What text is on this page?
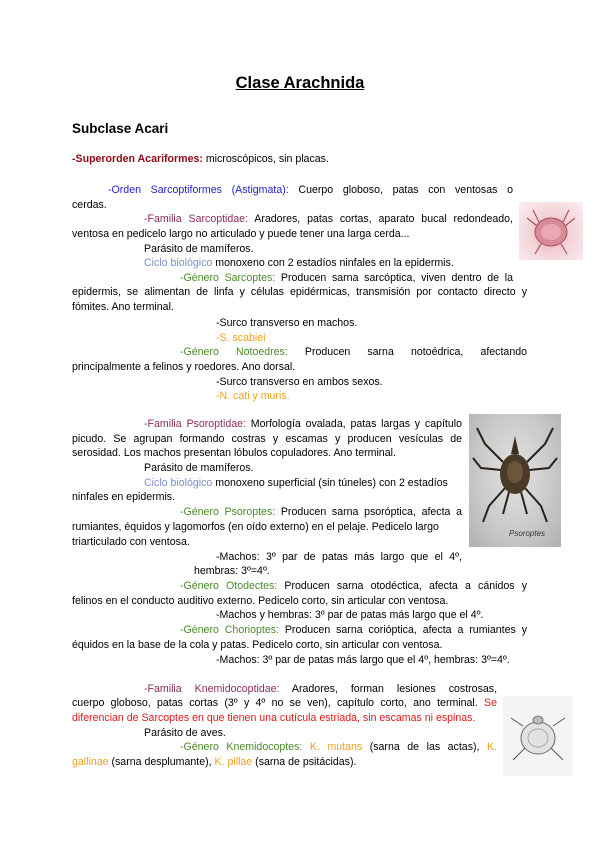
Clase Arachnida
Subclase Acari
-Superorden Acariformes: microscópicos, sin placas.
-Orden Sarcoptiformes (Astigmata): Cuerpo globoso, patas con ventosas o
cerdas.
-Familia Sarcoptidae: Aradores, patas cortas, aparato bucal redondeado,
ventosa en pedicelo largo no articulado y puede tener una larga cerda...
Parásito de mamíferos.
Ciclo biológico monoxeno con 2 estadíos ninfales en la epidermis.
-Género Sarcoptes: Producen sarna sarcóptica, viven dentro de la
epidermis, se alimentan de linfa y células epidérmicas, transmisión por contacto directo y
fómites. Ano terminal.
-Surco transverso en machos.
-S. scabiei
-Género Notoedres: Producen sarna notoédrica, afectando
principalmente a felinos y roedores. Ano dorsal.
-Surco transverso en ambos sexos.
-N. cati y muris.
-Familia Psoroptidae: Morfología ovalada, patas largas y capítulo
picudo. Se agrupan formando costras y escamas y producen vesículas de
serosidad. Los machos presentan lóbulos copuladores. Ano terminal.
Parásito de mamíferos.
Ciclo biológico monoxeno superficial (sin túneles) con 2 estadíos
ninfales en epidermis.
-Género Psoroptes: Producen sarna psoróptica, afecta a
rumiantes, équidos y lagomorfos (en oído externo) en el pelaje. Pedicelo largo
triarticulado con ventosa.
-Machos: 3º par de patas más largo que el 4º,
hembras: 3º=4º.
-Género Otodectes: Producen sarna otodéctica, afecta a cánidos y
felinos en el conducto auditivo externo. Pedicelo corto, sin articular con ventosa.
-Machos y hembras: 3º par de patas más largo que el 4º.
-Género Chorioptes: Producen sarna corióptica, afecta a rumiantes y
équidos en la base de la cola y patas. Pedicelo corto, sin articular con ventosa.
-Machos: 3º par de patas más largo que el 4º, hembras: 3º=4º.
Psoroptes
-Familia Knemidocoptidae: Aradores, forman lesiones costrosas,
cuerpo globoso, patas cortas (3º y 4º no se ven), capítulo corto, ano terminal. Se
diferencian de Sarcoptes en que tienen una cutícula estriada, sin escamas ni espinas.
Parásito de aves.
-Género Knemidocoptes: K. mutans (sarna de las actas), K.
gallinae (sarna desplumante), K. pillae (sarna de psitácidas).
